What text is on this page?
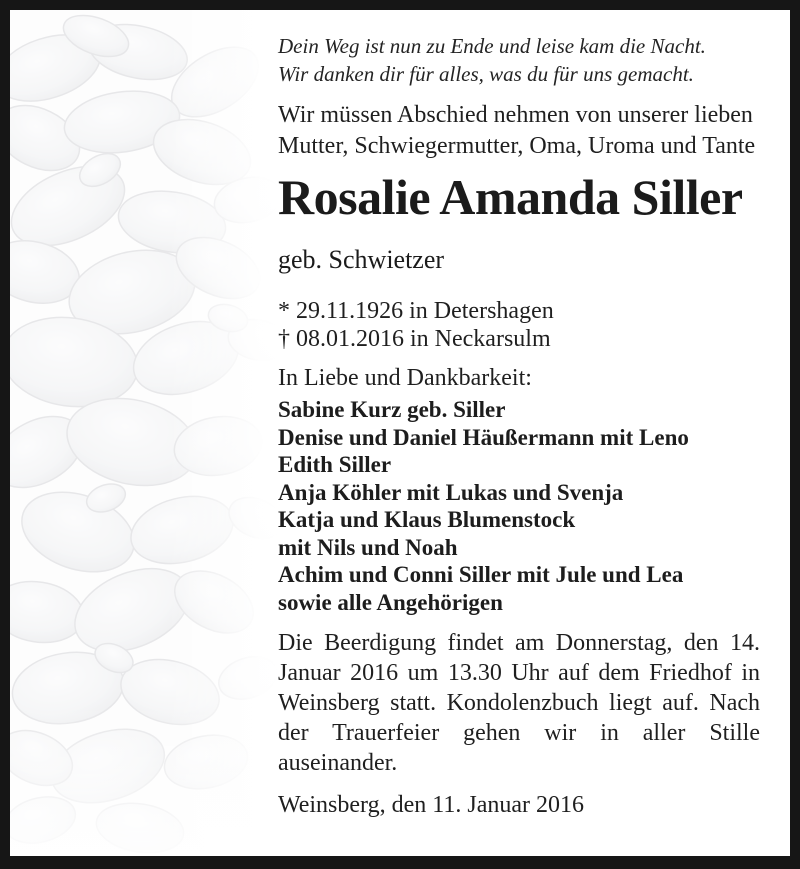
Dein Weg ist nun zu Ende und leise kam die Nacht.
Wir danken dir für alles, was du für uns gemacht.

Wir müssen Abschied nehmen von unserer lieben Mutter, Schwiegermutter, Oma, Uroma und Tante

Rosalie Amanda Siller geb. Schwietzer

* 29.11.1926 in Detershagen
† 08.01.2016 in Neckarsulm

In Liebe und Dankbarkeit:

Sabine Kurz geb. Siller
Denise und Daniel Häußermann mit Leno
Edith Siller
Anja Köhler mit Lukas und Svenja
Katja und Klaus Blumenstock
mit Nils und Noah
Achim und Conni Siller mit Jule und Lea
sowie alle Angehörigen

Die Beerdigung findet am Donnerstag, den 14. Januar 2016 um 13.30 Uhr auf dem Friedhof in Weinsberg statt. Kondolenzbuch liegt auf. Nach der Trauerfeier gehen wir in aller Stille auseinander.

Weinsberg, den 11. Januar 2016
